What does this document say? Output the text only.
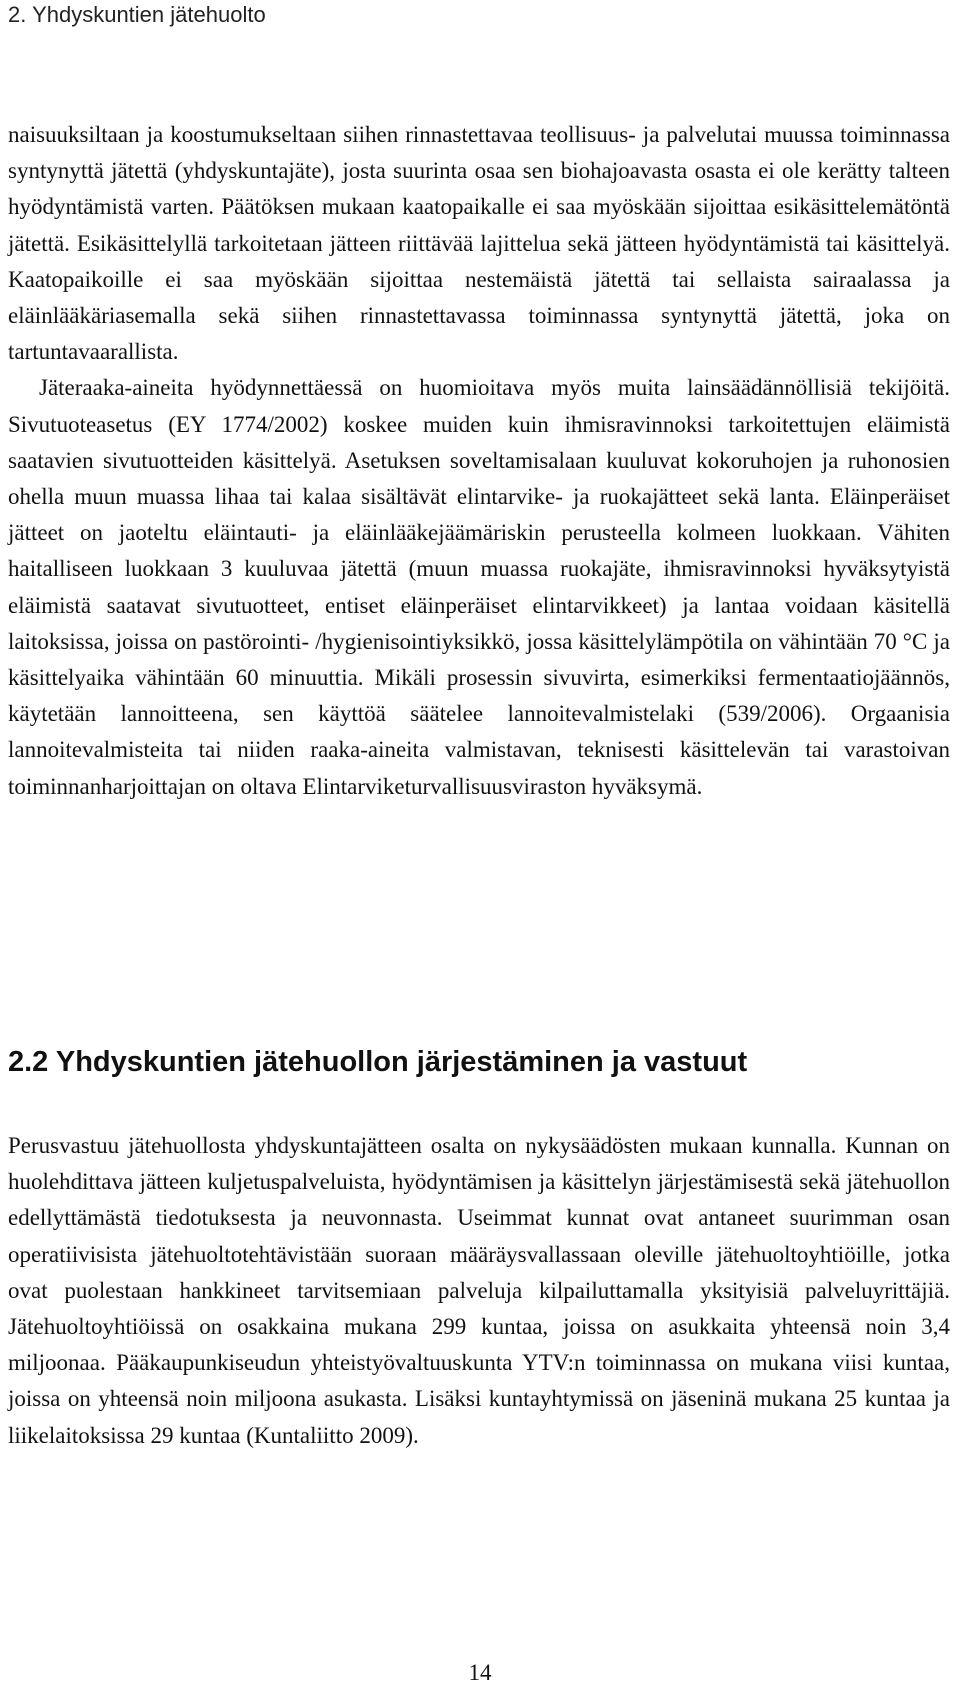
2. Yhdyskuntien jätehuolto

naisuuksiltaan ja koostumukseltaan siihen rinnastettavaa teollisuus- ja palvelutai muussa toiminnassa syntynyttä jätettä (yhdyskuntajäte), josta suurinta osaa sen biohajoavasta osasta ei ole kerätty talteen hyödyntämistä varten. Päätöksen mukaan kaatopaikalle ei saa myöskään sijoittaa esikäsittelemätöntä jätettä. Esikäsittelyllä tarkoitetaan jätteen riittävää lajittelua sekä jätteen hyödyntämistä tai käsittelyä. Kaatopaikoille ei saa myöskään sijoittaa nestemäistä jätettä tai sellaista sairaalassa ja eläinlääkäriasemalla sekä siihen rinnastettavassa toiminnassa syntynyttä jätettä, joka on tartuntavaarallista.

Jäteraaka-aineita hyödynnettäessä on huomioitava myös muita lainsäädännöllisiä tekijöitä. Sivutuoteasetus (EY 1774/2002) koskee muiden kuin ihmisravinnoksi tarkoitettujen eläimistä saatavien sivutuotteiden käsittelyä. Asetuksen soveltamisalaan kuuluvat kokoruhojen ja ruhonosien ohella muun muassa lihaa tai kalaa sisältävät elintarvike- ja ruokajätteet sekä lanta. Eläinperäiset jätteet on jaoteltu eläintauti- ja eläinlääkejäämäriskin perusteella kolmeen luokkaan. Vähiten haitalliseen luokkaan 3 kuuluvaa jätettä (muun muassa ruokajäte, ihmisravinnoksi hyväksytyistä eläimistä saatavat sivutuotteet, entiset eläinperäiset elintarvikkeet) ja lantaa voidaan käsitellä laitoksissa, joissa on pastörointi- /hygienisointiyksikkö, jossa käsittelylämpötila on vähintään 70 °C ja käsittelyaika vähintään 60 minuuttia. Mikäli prosessin sivuvirta, esimerkiksi fermentaatiojäännös, käytetään lannoitteena, sen käyttöä säätelee lannoitevalmistelaki (539/2006). Orgaanisia lannoitevalmisteita tai niiden raaka-aineita valmistavan, teknisesti käsittelevän tai varastoivan toiminnanharjoittajan on oltava Elintarviketurvallisuusviraston hyväksymä.

2.2 Yhdyskuntien jätehuollon järjestäminen ja vastuut

Perusvastuu jätehuollosta yhdyskuntajätteen osalta on nykysäädösten mukaan kunnalla. Kunnan on huolehdittava jätteen kuljetuspalveluista, hyödyntämisen ja käsittelyn järjestämisestä sekä jätehuollon edellyttämästä tiedotuksesta ja neuvonnasta. Useimmat kunnat ovat antaneet suurimman osan operatiivisista jätehuoltotehtävistään suoraan määräysvallassaan oleville jätehuoltoyhtiöille, jotka ovat puolestaan hankkineet tarvitsemiaan palveluja kilpailuttamalla yksityisiä palveluyrittäjiä. Jätehuoltoyhtiöissä on osakkaina mukana 299 kuntaa, joissa on asukkaita yhteensä noin 3,4 miljoonaa. Pääkaupunkiseudun yhteistyövaltuuskunta YTV:n toiminnassa on mukana viisi kuntaa, joissa on yhteensä noin miljoona asukasta. Lisäksi kuntayhtymissä on jäseninä mukana 25 kuntaa ja liikelaitoksissa 29 kuntaa (Kuntaliitto 2009).

14
